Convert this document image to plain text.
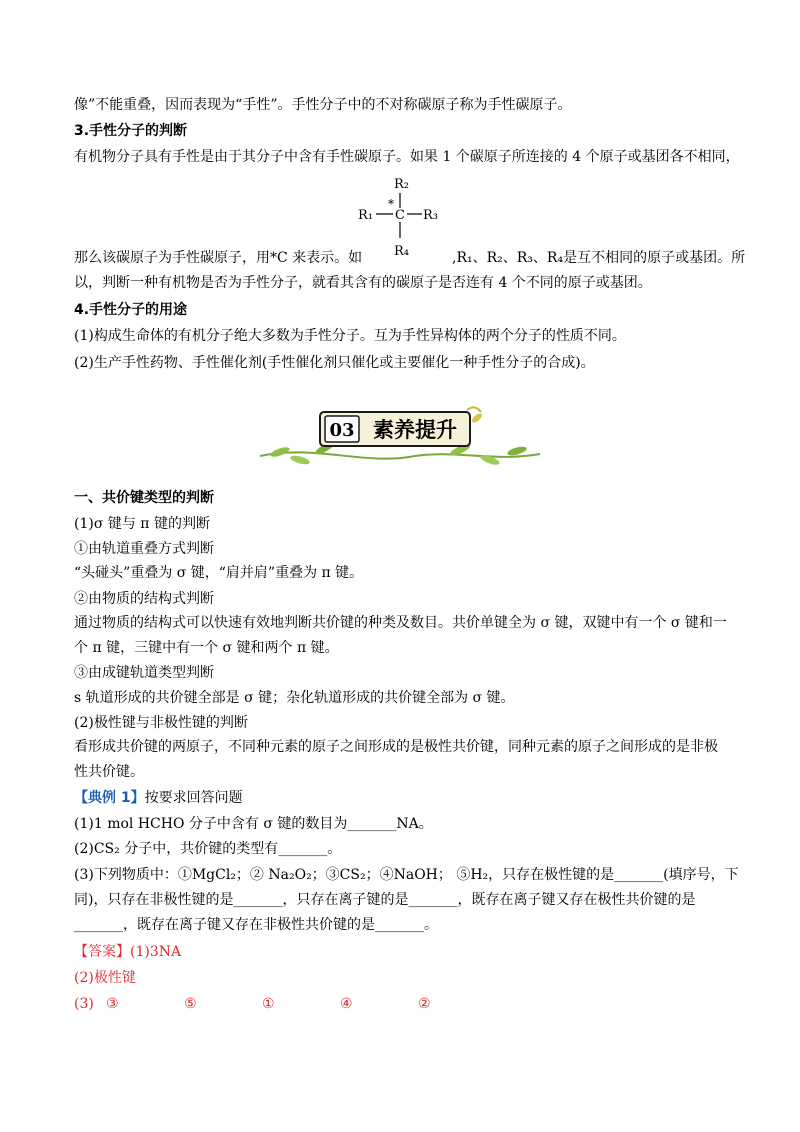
像”不能重叠，因而表现为“手性”。手性分子中的不对称碳原子称为手性碳原子。
3.手性分子的判断
有机物分子具有手性是由于其分子中含有手性碳原子。如果 1 个碳原子所连接的 4 个原子或基团各不相同，
R₂
R₁
*
C R₃
R₄
那么该碳原子为手性碳原子，用*C 来表示。如	,R₁、R₂、R₃、R₄是互不相同的原子或基团。所
以，判断一种有机物是否为手性分子，就看其含有的碳原子是否连有 4 个不同的原子或基团。
4.手性分子的用途
(1)构成生命体的有机分子绝大多数为手性分子。互为手性异构体的两个分子的性质不同。
(2)生产手性药物、手性催化剂(手性催化剂只催化或主要催化一种手性分子的合成)。
03 素养提升
一、共价键类型的判断
(1)σ 键与 π 键的判断
①由轨道重叠方式判断
“头碰头”重叠为 σ 键，“肩并肩”重叠为 π 键。
②由物质的结构式判断
通过物质的结构式可以快速有效地判断共价键的种类及数目。共价单键全为 σ 键，双键中有一个 σ 键和一
个 π 键，三键中有一个 σ 键和两个 π 键。
③由成键轨道类型判断
s 轨道形成的共价键全部是 σ 键；杂化轨道形成的共价键全部为 σ 键。
(2)极性键与非极性键的判断
看形成共价键的两原子，不同种元素的原子之间形成的是极性共价键，同种元素的原子之间形成的是非极
性共价键。
【典例 1】按要求回答问题
(1)1 mol HCHO 分子中含有 σ 键的数目为_______NA。
(2)CS₂ 分子中，共价键的类型有_______。
(3)下列物质中：①MgCl₂；② Na₂O₂；③CS₂；④NaOH； ⑤H₂，只存在极性键的是_______(填序号，下
同)，只存在非极性键的是_______，只存在离子键的是_______，既存在离子键又存在极性共价键的是
_______，既存在离子键又存在非极性共价键的是_______。
【答案】(1)3NA
(2)极性键
(3) ③	⑤	①	④	②
